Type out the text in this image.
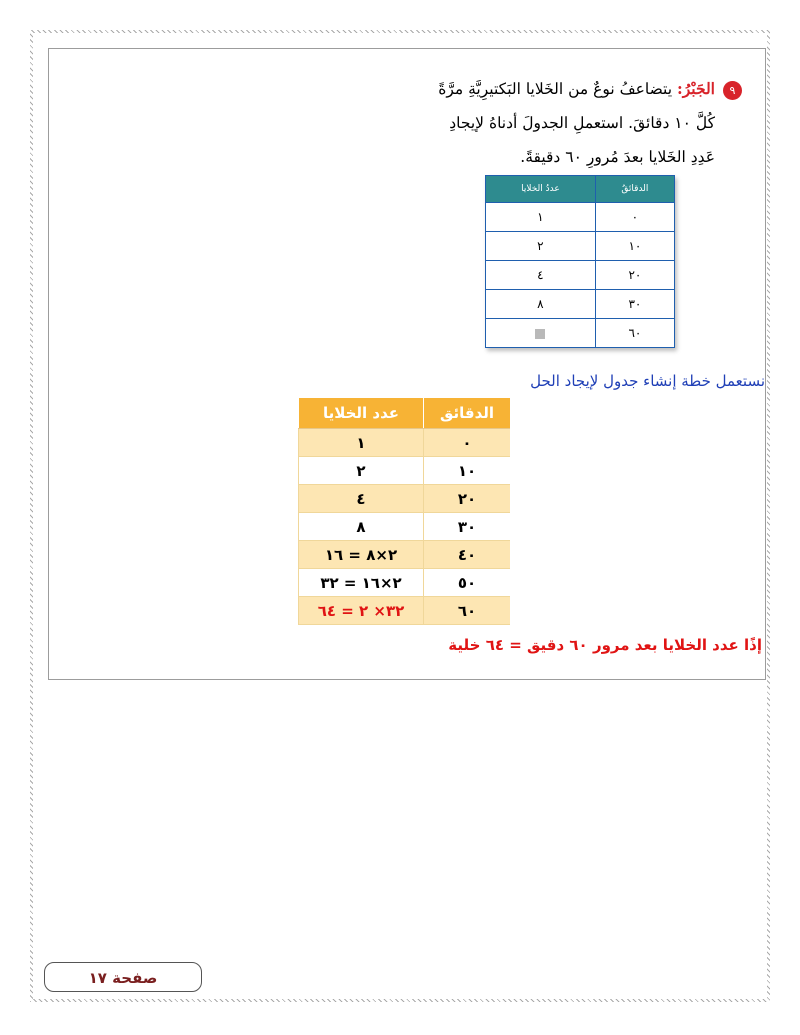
٩الجَبْرُ: يتضاعفُ نوعٌ من الخَلايا البَكتيرِيَّةِ مرَّةً
كُلَّ ١٠ دقائقَ. استعملِ الجدولَ أدناهُ لإيجادِ
عَدِدِ الخَلايا بعدَ مُرورِ ٦٠ دقيقةً.
الدقائقُ	عددُ الخلايا
٠	١
١٠	٢
٢٠	٤
٣٠	٨
٦٠	
نستعمل خطة إنشاء جدول لإيجاد الحل
الدقائق	عدد الخلايا
٠	١
١٠	٢
٢٠	٤
٣٠	٨
٤٠	٢×٨ = ١٦
٥٠	٢×١٦ = ٣٢
٦٠	٣٢× ٢ = ٦٤
إذًا عدد الخلايا بعد مرور ٦٠ دقيق = ٦٤ خلية
صفحة ١٧
